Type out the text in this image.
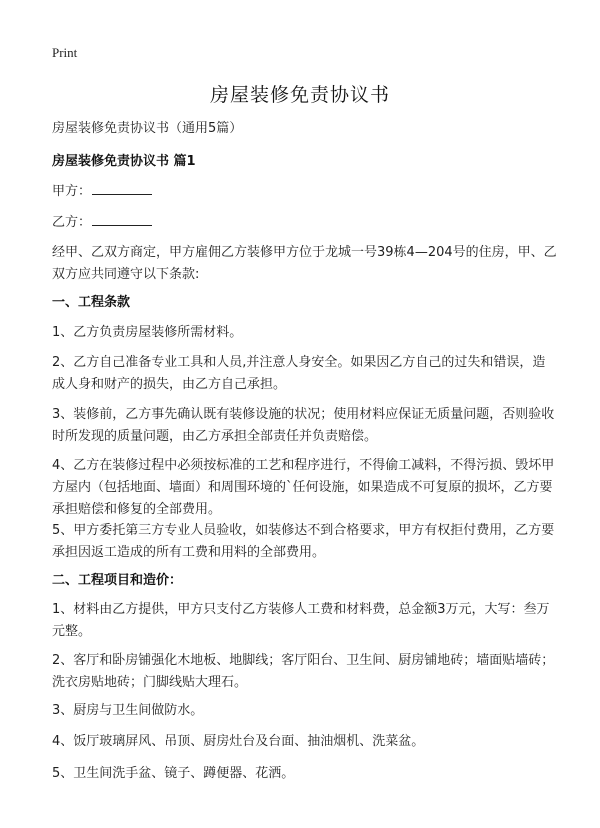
Print
房屋装修免责协议书

房屋装修免责协议书（通用5篇）

房屋装修免责协议书 篇1

甲方：

乙方：

经甲、乙双方商定，甲方雇佣乙方装修甲方位于龙城一号39栋4—204号的住房，甲、乙双方应共同遵守以下条款:

一、工程条款

1、乙方负责房屋装修所需材料。

2、乙方自己准备专业工具和人员,并注意人身安全。如果因乙方自己的过失和错误，造成人身和财产的损失，由乙方自己承担。

3、装修前，乙方事先确认既有装修设施的状况；使用材料应保证无质量问题，否则验收时所发现的质量问题，由乙方承担全部责任并负责赔偿。

4、乙方在装修过程中必须按标准的工艺和程序进行，不得偷工减料，不得污损、毁坏甲方屋内（包括地面、墙面）和周围环境的`任何设施，如果造成不可复原的损坏，乙方要承担赔偿和修复的全部费用。

5、甲方委托第三方专业人员验收，如装修达不到合格要求，甲方有权拒付费用，乙方要承担因返工造成的所有工费和用料的全部费用。

二、工程项目和造价：

1、材料由乙方提供，甲方只支付乙方装修人工费和材料费，总金额3万元，大写：叁万元整。

2、客厅和卧房铺强化木地板、地脚线；客厅阳台、卫生间、厨房铺地砖；墙面贴墙砖；洗衣房贴地砖；门脚线贴大理石。

3、厨房与卫生间做防水。

4、饭厅玻璃屏风、吊顶、厨房灶台及台面、抽油烟机、洗菜盆。

5、卫生间洗手盆、镜子、蹲便器、花洒。
